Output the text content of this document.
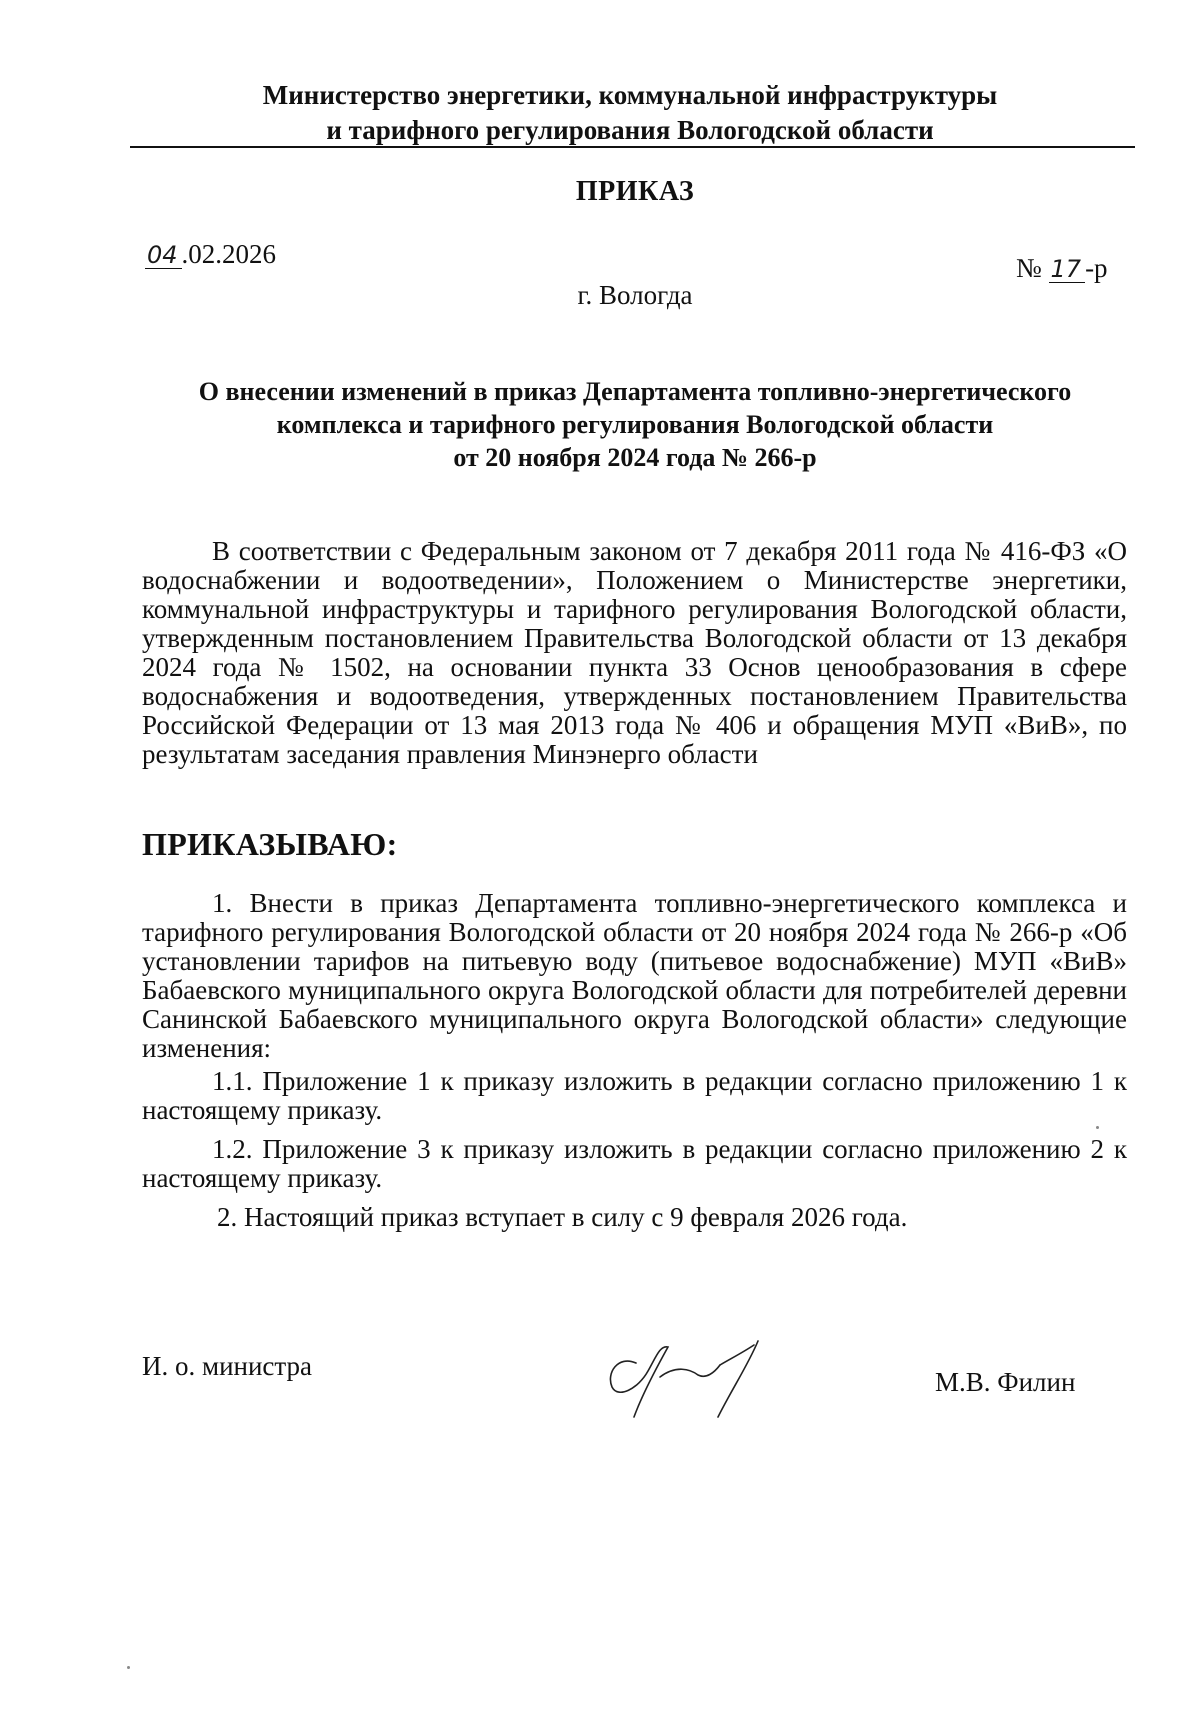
Министерство энергетики, коммунальной инфраструктуры
и тарифного регулирования Вологодской области
ПРИКАЗ
04 .02.2026	№ 17 -р
г. Вологда
О внесении изменений в приказ Департамента топливно-энергетического
комплекса и тарифного регулирования Вологодской области
от 20 ноября 2024 года № 266-р
В соответствии с Федеральным законом от 7 декабря 2011 года № 416-ФЗ «О водоснабжении и водоотведении», Положением о Министерстве энергетики, коммунальной инфраструктуры и тарифного регулирования Вологодской области, утвержденным постановлением Правительства Вологодской области от 13 декабря 2024 года № 1502, на основании пункта 33 Основ ценообразования в сфере водоснабжения и водоотведения, утвержденных постановлением Правительства Российской Федерации от 13 мая 2013 года № 406 и обращения МУП «ВиВ», по результатам заседания правления Минэнерго области
ПРИКАЗЫВАЮ:

1. Внести в приказ Департамента топливно-энергетического комплекса и тарифного регулирования Вологодской области от 20 ноября 2024 года № 266-р «Об установлении тарифов на питьевую воду (питьевое водоснабжение) МУП «ВиВ» Бабаевского муниципального округа Вологодской области для потребителей деревни Санинской Бабаевского муниципального округа Вологодской области» следующие изменения:

1.1. Приложение 1 к приказу изложить в редакции согласно приложению 1 к настоящему приказу.

1.2. Приложение 3 к приказу изложить в редакции согласно приложению 2 к настоящему приказу.

2. Настоящий приказ вступает в силу с 9 февраля 2026 года.

И. о. министра
М.В. Филин
